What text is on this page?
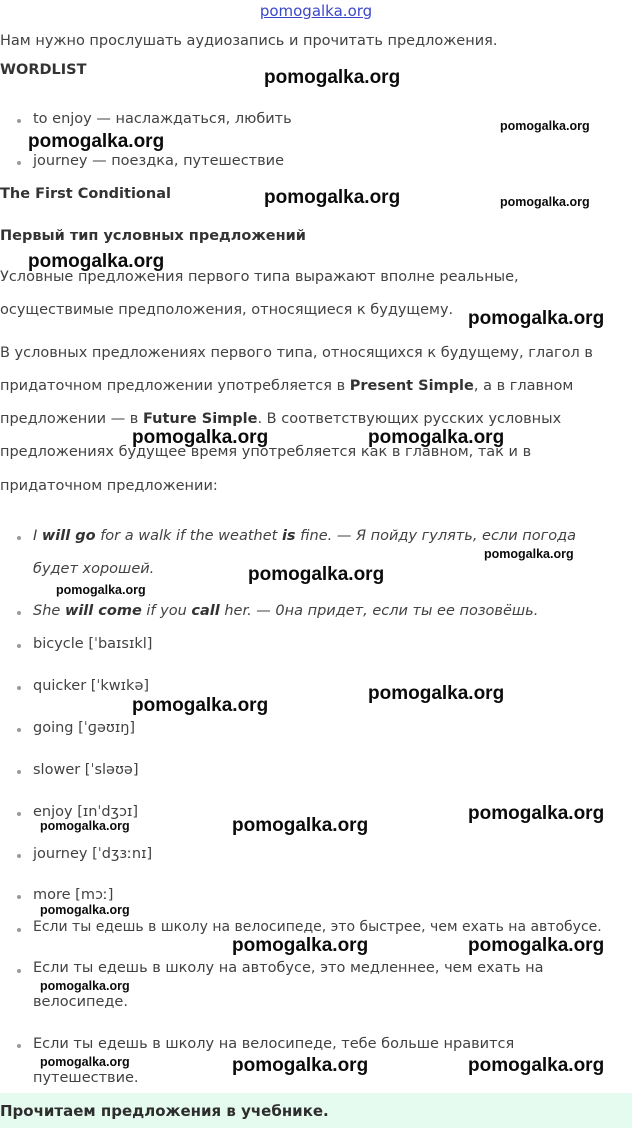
pomogalka.org

Нам нужно прослушать аудиозапись и прочитать предложения.

WORDLIST

to enjoy — наслаждаться, любить

journey — поездка, путешествие

The First Conditional

Первый тип условных предложений

Условные предложения первого типа выражают вполне реальные,

осуществимые предположения, относящиеся к будущему.

В условных предложениях первого типа, относящихся к будущему, глагол в

придаточном предложении употребляется в Present Simple, а в главном

предложении — в Future Simple. В соответствующих русских условных

предложениях будущее время употребляется как в главном, так и в

придаточном предложении:

I will go for a walk if the weathet is fine. — Я пойду гулять, если погода

будет хорошей.

She will come if you call her. — 0на придет, если ты ее позовёшь.

bicycle [ˈbaɪsɪkl]

quicker [ˈkwɪkə]

going [ˈɡəʊɪŋ]

slower [ˈsləʊə]

enjoy [ɪnˈdʒɔɪ]

journey [ˈdʒɜːnɪ]

more [mɔː]

Если ты едешь в школу на велосипеде, это быстрее, чем ехать на автобусе.

Если ты едешь в школу на автобусе, это медленнее, чем ехать на

велосипеде.

Если ты едешь в школу на велосипеде, тебе больше нравится

путешествие.

Прочитаем предложения в учебнике.
pomogalka.org
pomogalka.org
pomogalka.org
pomogalka.org	pomogalka.org
pomogalka.org
pomogalka.org
pomogalka.org	pomogalka.org
pomogalka.org
pomogalka.org
pomogalka.org
pomogalka.org
pomogalka.org
pomogalka.org
pomogalka.org	pomogalka.org
pomogalka.org
pomogalka.org	pomogalka.org
pomogalka.org
pomogalka.org	pomogalka.org	pomogalka.org
